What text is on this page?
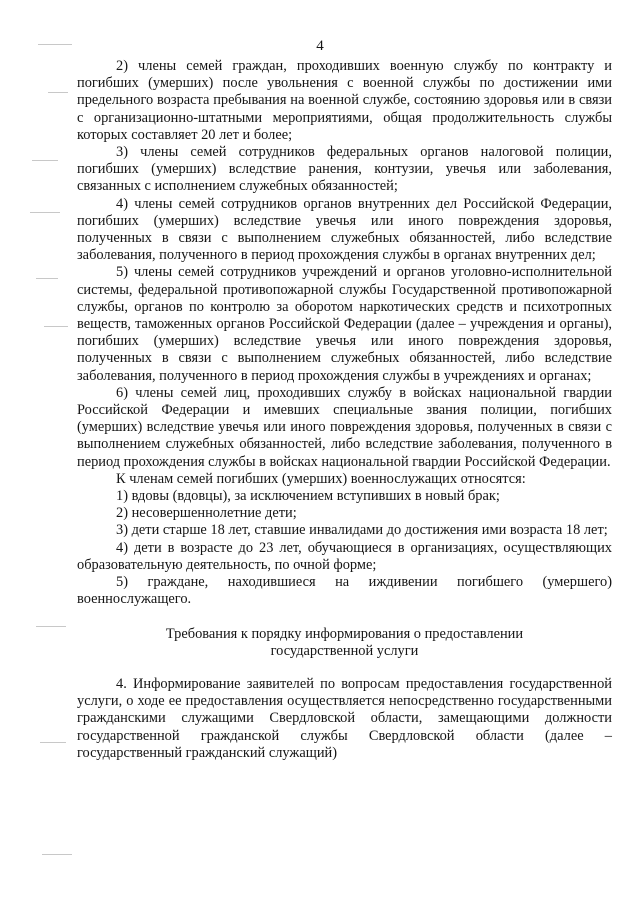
4

2) члены семей граждан, проходивших военную службу по контракту и погибших (умерших) после увольнения с военной службы по достижении ими предельного возраста пребывания на военной службе, состоянию здоровья или в связи с организационно-штатными мероприятиями, общая продолжительность службы которых составляет 20 лет и более;

3) члены семей сотрудников федеральных органов налоговой полиции, погибших (умерших) вследствие ранения, контузии, увечья или заболевания, связанных с исполнением служебных обязанностей;

4) члены семей сотрудников органов внутренних дел Российской Федерации, погибших (умерших) вследствие увечья или иного повреждения здоровья, полученных в связи с выполнением служебных обязанностей, либо вследствие заболевания, полученного в период прохождения службы в органах внутренних дел;

5) члены семей сотрудников учреждений и органов уголовно-исполнительной системы, федеральной противопожарной службы Государственной противопожарной службы, органов по контролю за оборотом наркотических средств и психотропных веществ, таможенных органов Российской Федерации (далее – учреждения и органы), погибших (умерших) вследствие увечья или иного повреждения здоровья, полученных в связи с выполнением служебных обязанностей, либо вследствие заболевания, полученного в период прохождения службы в учреждениях и органах;

6) члены семей лиц, проходивших службу в войсках национальной гвардии Российской Федерации и имевших специальные звания полиции, погибших (умерших) вследствие увечья или иного повреждения здоровья, полученных в связи с выполнением служебных обязанностей, либо вследствие заболевания, полученного в период прохождения службы в войсках национальной гвардии Российской Федерации.

К членам семей погибших (умерших) военнослужащих относятся:

1) вдовы (вдовцы), за исключением вступивших в новый брак;

2) несовершеннолетние дети;

3) дети старше 18 лет, ставшие инвалидами до достижения ими возраста 18 лет;

4) дети в возрасте до 23 лет, обучающиеся в организациях, осуществляющих образовательную деятельность, по очной форме;

5) граждане, находившиеся на иждивении погибшего (умершего) военнослужащего.

Требования к порядку информирования о предоставлении
государственной услуги

4. Информирование заявителей по вопросам предоставления государственной услуги, о ходе ее предоставления осуществляется непосредственно государственными гражданскими служащими Свердловской области, замещающими должности государственной гражданской службы Свердловской области (далее – государственный гражданский служащий)
